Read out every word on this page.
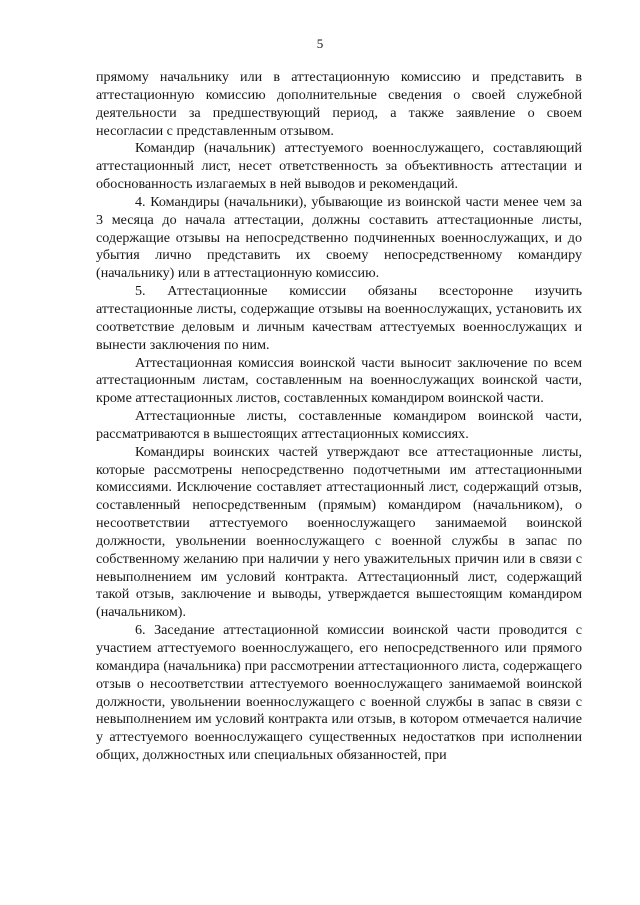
5

прямому начальнику или в аттестационную комиссию и представить в аттестационную комиссию дополнительные сведения о своей служебной деятельности за предшествующий период, а также заявление о своем несогласии с представленным отзывом.

Командир (начальник) аттестуемого военнослужащего, составляющий аттестационный лист, несет ответственность за объективность аттестации и обоснованность излагаемых в ней выводов и рекомендаций.

4. Командиры (начальники), убывающие из воинской части менее чем за 3 месяца до начала аттестации, должны составить аттестационные листы, содержащие отзывы на непосредственно подчиненных военнослужащих, и до убытия лично представить их своему непосредственному командиру (начальнику) или в аттестационную комиссию.

5. Аттестационные комиссии обязаны всесторонне изучить аттестационные листы, содержащие отзывы на военнослужащих, установить их соответствие деловым и личным качествам аттестуемых военнослужащих и вынести заключения по ним.

Аттестационная комиссия воинской части выносит заключение по всем аттестационным листам, составленным на военнослужащих воинской части, кроме аттестационных листов, составленных командиром воинской части.

Аттестационные листы, составленные командиром воинской части, рассматриваются в вышестоящих аттестационных комиссиях.

Командиры воинских частей утверждают все аттестационные листы, которые рассмотрены непосредственно подотчетными им аттестационными комиссиями. Исключение составляет аттестационный лист, содержащий отзыв, составленный непосредственным (прямым) командиром (начальником), о несоответствии аттестуемого военнослужащего занимаемой воинской должности, увольнении военнослужащего с военной службы в запас по собственному желанию при наличии у него уважительных причин или в связи с невыполнением им условий контракта. Аттестационный лист, содержащий такой отзыв, заключение и выводы, утверждается вышестоящим командиром (начальником).

6. Заседание аттестационной комиссии воинской части проводится с участием аттестуемого военнослужащего, его непосредственного или прямого командира (начальника) при рассмотрении аттестационного листа, содержащего отзыв о несоответствии аттестуемого военнослужащего занимаемой воинской должности, увольнении военнослужащего с военной службы в запас в связи с невыполнением им условий контракта или отзыв, в котором отмечается наличие у аттестуемого военнослужащего существенных недостатков при исполнении общих, должностных или специальных обязанностей, при
